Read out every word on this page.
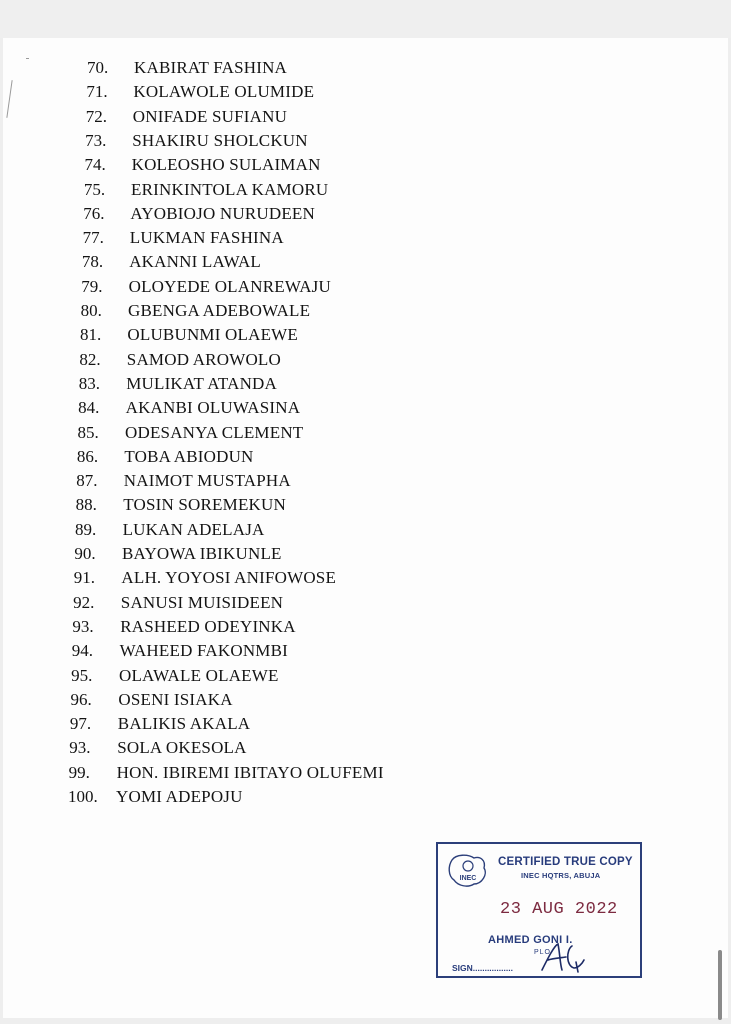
70. KABIRAT FASHINA
71. KOLAWOLE OLUMIDE
72. ONIFADE SUFIANU
73. SHAKIRU SHOLCKUN
74. KOLEOSHO SULAIMAN
75. ERINKINTOLA KAMORU
76. AYOBIOJO NURUDEEN
77. LUKMAN FASHINA
78. AKANNI LAWAL
79. OLOYEDE OLANREWAJU
80. GBENGA ADEBOWALE
81. OLUBUNMI OLAEWE
82. SAMOD AROWOLO
83. MULIKAT ATANDA
84. AKANBI OLUWASINA
85. ODESANYA CLEMENT
86. TOBA ABIODUN
87. NAIMOT MUSTAPHA
88. TOSIN SOREMEKUN
89. LUKAN ADELAJA
90. BAYOWA IBIKUNLE
91. ALH. YOYOSI ANIFOWOSE
92. SANUSI MUISIDEEN
93. RASHEED ODEYINKA
94. WAHEED FAKONMBI
95. OLAWALE OLAEWE
96. OSENI ISIAKA
97. BALIKIS AKALA
93. SOLA OKESOLA
99. HON. IBIREMI IBITAYO OLUFEMI
100. YOMI ADEPOJU
INEC
CERTIFIED TRUE COPY
INEC HQTRS, ABUJA
23 AUG 2022
AHMED GONI I.
PLO
SIGN.................
